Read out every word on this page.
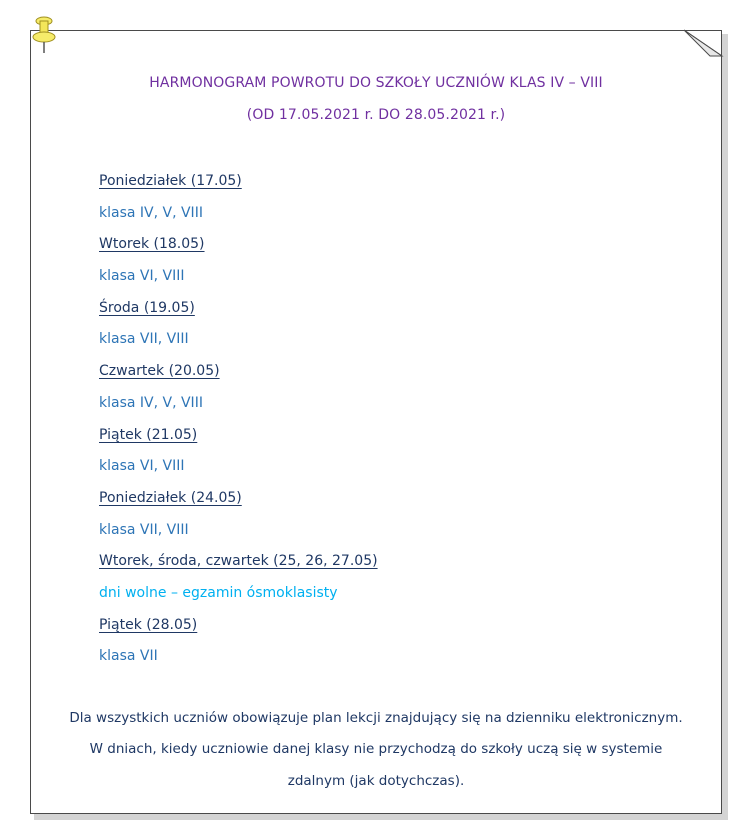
HARMONOGRAM POWROTU DO SZKOŁY UCZNIÓW KLAS IV – VIII
(OD 17.05.2021 r. DO 28.05.2021 r.)
Poniedziałek (17.05)
klasa IV, V, VIII
Wtorek (18.05)
klasa VI, VIII
Środa (19.05)
klasa VII, VIII
Czwartek (20.05)
klasa IV, V, VIII
Piątek (21.05)
klasa VI, VIII
Poniedziałek (24.05)
klasa VII, VIII
Wtorek, środa, czwartek (25, 26, 27.05)
dni wolne – egzamin ósmoklasisty
Piątek (28.05)
klasa VII
Dla wszystkich uczniów obowiązuje plan lekcji znajdujący się na dzienniku elektronicznym.
W dniach, kiedy uczniowie danej klasy nie przychodzą do szkoły uczą się w systemie
zdalnym (jak dotychczas).
